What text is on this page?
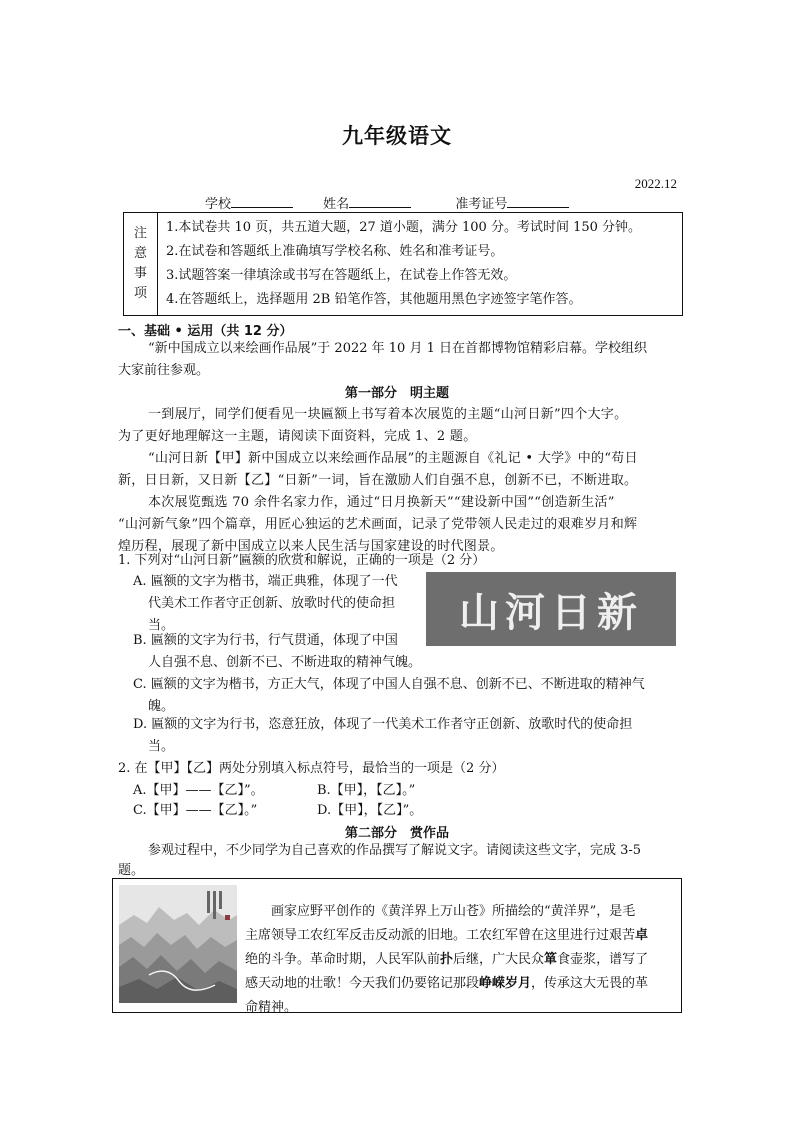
九年级语文
2022.12
学校	姓名	准考证号
注
意
事
项
1.本试卷共 10 页，共五道大题，27 道小题，满分 100 分。考试时间 150 分钟。
2.在试卷和答题纸上准确填写学校名称、姓名和准考证号。
3.试题答案一律填涂或书写在答题纸上，在试卷上作答无效。
4.在答题纸上，选择题用 2B 铅笔作答，其他题用黑色字迹签字笔作答。
一、基础 • 运用（共 12 分）
“新中国成立以来绘画作品展”于 2022 年 10 月 1 日在首都博物馆精彩启幕。学校组织
大家前往参观。
第一部分　明主题
一到展厅，同学们便看见一块匾额上书写着本次展览的主题“山河日新”四个大字。
为了更好地理解这一主题，请阅读下面资料，完成 1、2 题。
“山河日新【甲】新中国成立以来绘画作品展”的主题源自《礼记 • 大学》中的“苟日
新，日日新，又日新【乙】“日新”一词，旨在激励人们自强不息，创新不已，不断进取。
本次展览甄选 70 余件名家力作，通过“日月换新天”“建设新中国”“创造新生活”
“山河新气象”四个篇章，用匠心独运的艺术画面，记录了党带领人民走过的艰难岁月和辉
煌历程，展现了新中国成立以来人民生活与国家建设的时代图景。
1. 下列对“山河日新”匾额的欣赏和解说，正确的一项是（2 分）
山河日新
A. 匾额的文字为楷书，端正典雅，体现了一代
代美术工作者守正创新、放歌时代的使命担
当。
B. 匾额的文字为行书，行气贯通，体现了中国
人自强不息、创新不已、不断进取的精神气魄。
C. 匾额的文字为楷书，方正大气，体现了中国人自强不息、创新不已、不断进取的精神气
魄。
D. 匾额的文字为行书，恣意狂放，体现了一代美术工作者守正创新、放歌时代的使命担
当。
2. 在【甲】【乙】两处分别填入标点符号，最恰当的一项是（2 分）
A.【甲】——【乙】”。	B.【甲】，【乙】。”
C.【甲】——【乙】。”	D.【甲】，【乙】”。
第二部分　赏作品
参观过程中，不少同学为自己喜欢的作品撰写了解说文字。请阅读这些文字，完成 3-5
题。
画家应野平创作的《黄洋界上万山苍》所描绘的“黄洋界”，是毛
主席领导工农红军反击反动派的旧地。工农红军曾在这里进行过艰苦卓
绝的斗争。革命时期，人民军队前扑后继，广大民众箪食壶浆，谱写了
感天动地的壮歌！今天我们仍要铭记那段峥嵘岁月，传承这大无畏的革
命精神。
